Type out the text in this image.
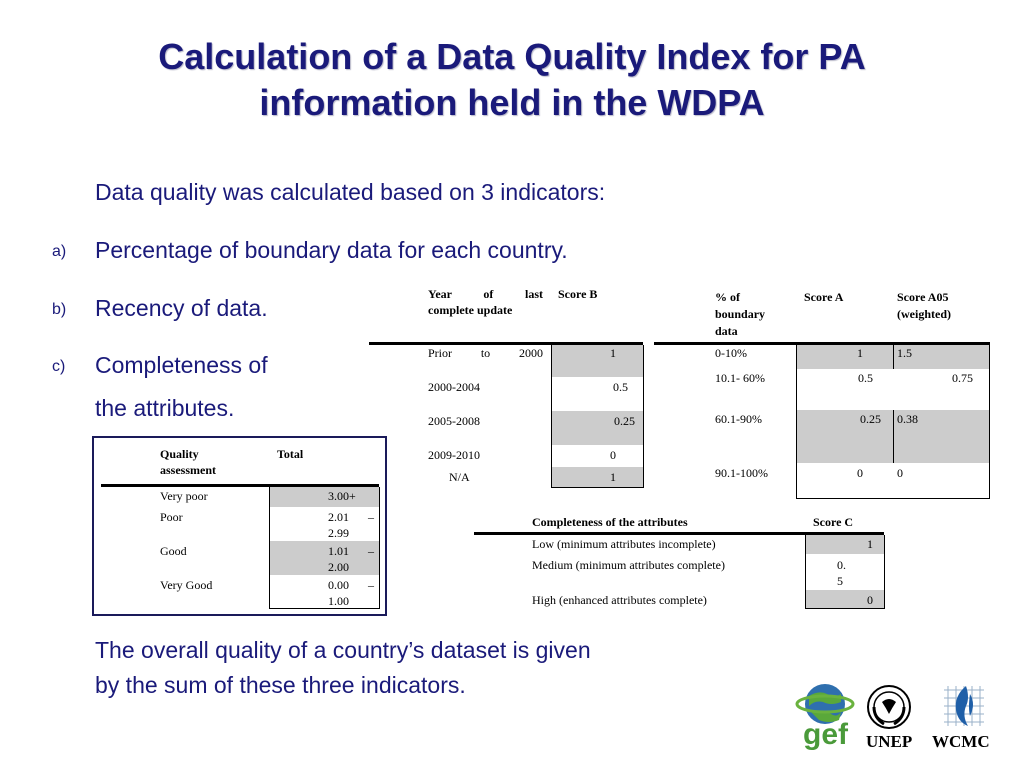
Calculation of a Data Quality Index for PA
information held in the WDPA
Data quality was calculated based on 3 indicators:
a) Percentage of boundary data for each country.
b) Recency of data.
c) Completeness of
the attributes.
Quality
assessment
Total
Very poor	3.00+
Poor	2.01 –
2.99
Good	1.01 –
2.00
Very Good	0.00 –
1.00
Year of last
complete update
Score B
Prior to 2000	1
2000-2004	0.5
2005-2008	0.25
2009-2010	0
N/A	1
% of
boundary
data
Score A	Score A05
(weighted)
0-10%	1	1.5
10.1- 60%	0.5	0.75
60.1-90%	0.25 0.38
90.1-100%	0	0
Completeness of the attributes	Score C
Low (minimum attributes incomplete)	1
Medium (minimum attributes complete)	0.
5
High (enhanced attributes complete)	0
The overall quality of a country’s dataset is given
by the sum of these three indicators.
gef UNEP WCMC
